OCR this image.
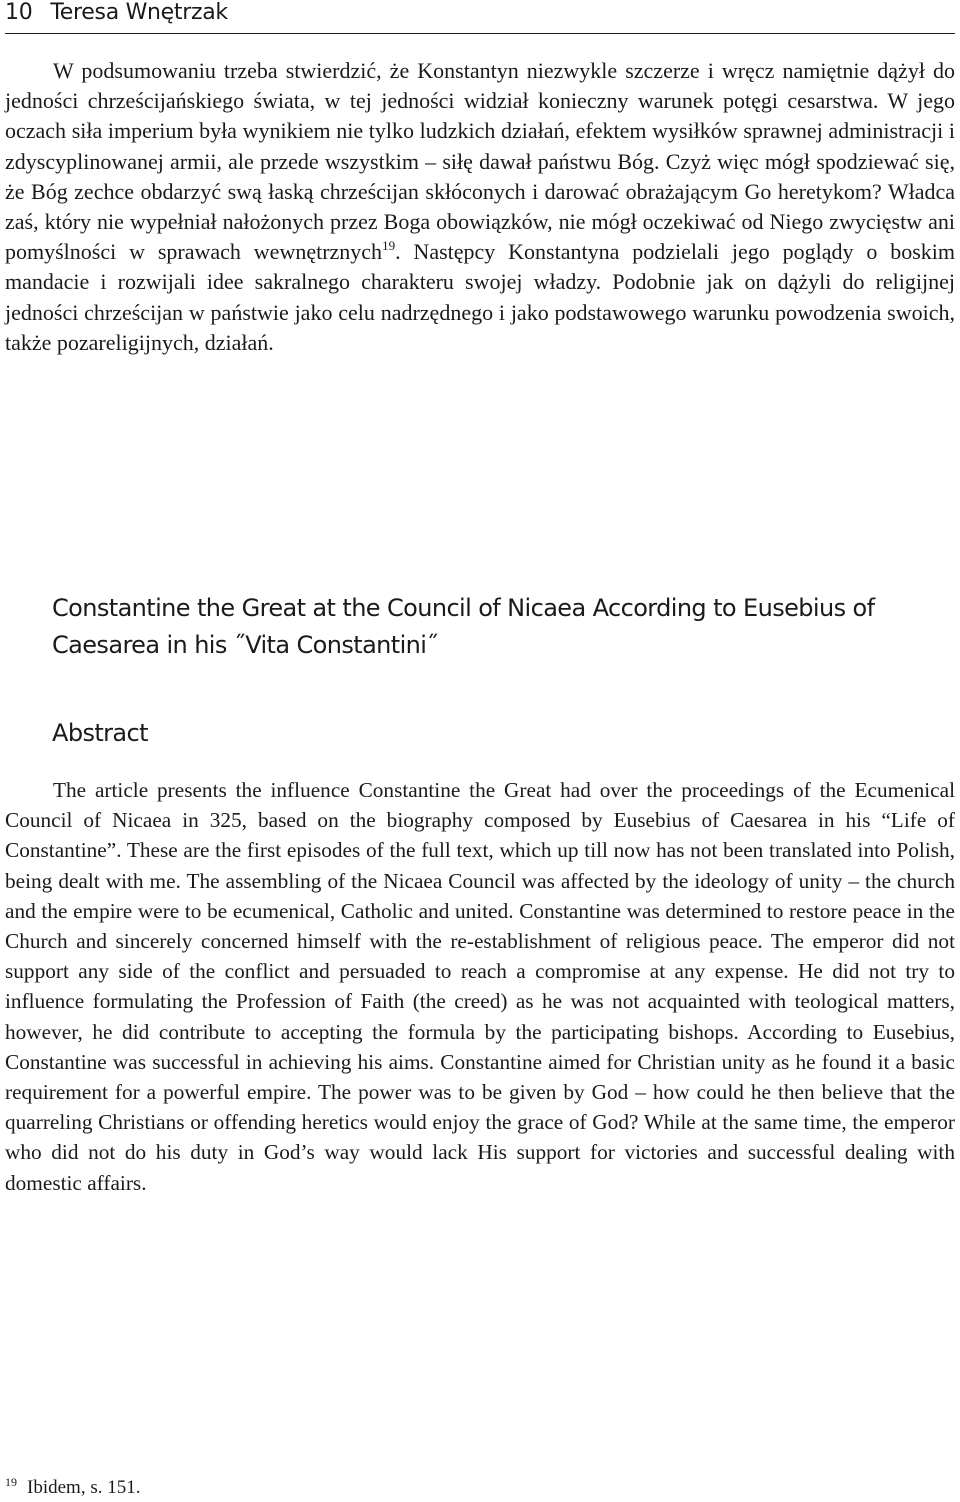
10 Teresa Wnętrzak

W podsumowaniu trzeba stwierdzić, że Konstantyn niezwykle szczerze i wręcz namiętnie dążył do jedności chrześcijańskiego świata, w tej jedności widział konieczny warunek potęgi cesarstwa. W jego oczach siła imperium była wynikiem nie tylko ludzkich działań, efektem wysiłków sprawnej administracji i zdyscyplinowanej armii, ale przede wszystkim – siłę dawał państwu Bóg. Czyż więc mógł spodziewać się, że Bóg zechce obdarzyć swą łaską chrześcijan skłóconych i darować obrażającym Go heretykom? Władca zaś, który nie wypełniał nałożonych przez Boga obowiązków, nie mógł oczekiwać od Niego zwycięstw ani pomyślności w sprawach wewnętrznych$^{19}$. Następcy Konstantyna podzielali jego poglądy o boskim mandacie i rozwijali idee sakralnego charakteru swojej władzy. Podobnie jak on dążyli do religijnej jedności chrześcijan w państwie jako celu nadrzędnego i jako podstawowego warunku powodzenia swoich, także pozareligijnych, działań.

Constantine the Great at the Council of Nicaea According to Eusebius of Caesarea in his ˝Vita Constantini˝
Abstract

The article presents the influence Constantine the Great had over the proceedings of the Ecumenical Council of Nicaea in 325, based on the biography composed by Eusebius of Caesarea in his “Life of Constantine”. These are the first episodes of the full text, which up till now has not been translated into Polish, being dealt with me. The assembling of the Nicaea Council was affected by the ideology of unity – the church and the empire were to be ecumenical, Catholic and united. Constantine was determined to restore peace in the Church and sincerely concerned himself with the re-establishment of religious peace. The emperor did not support any side of the conflict and persuaded to reach a compromise at any expense. He did not try to influence formulating the Profession of Faith (the creed) as he was not acquainted with teological matters, however, he did contribute to accepting the formula by the participating bishops. According to Eusebius, Constantine was successful in achieving his aims. Constantine aimed for Christian unity as he found it a basic requirement for a powerful empire. The power was to be given by God – how could he then believe that the quarreling Christians or offending heretics would enjoy the grace of God? While at the same time, the emperor who did not do his duty in God’s way would lack His support for victories and successful dealing with domestic affairs.

$^{19}$ Ibidem, s. 151.
